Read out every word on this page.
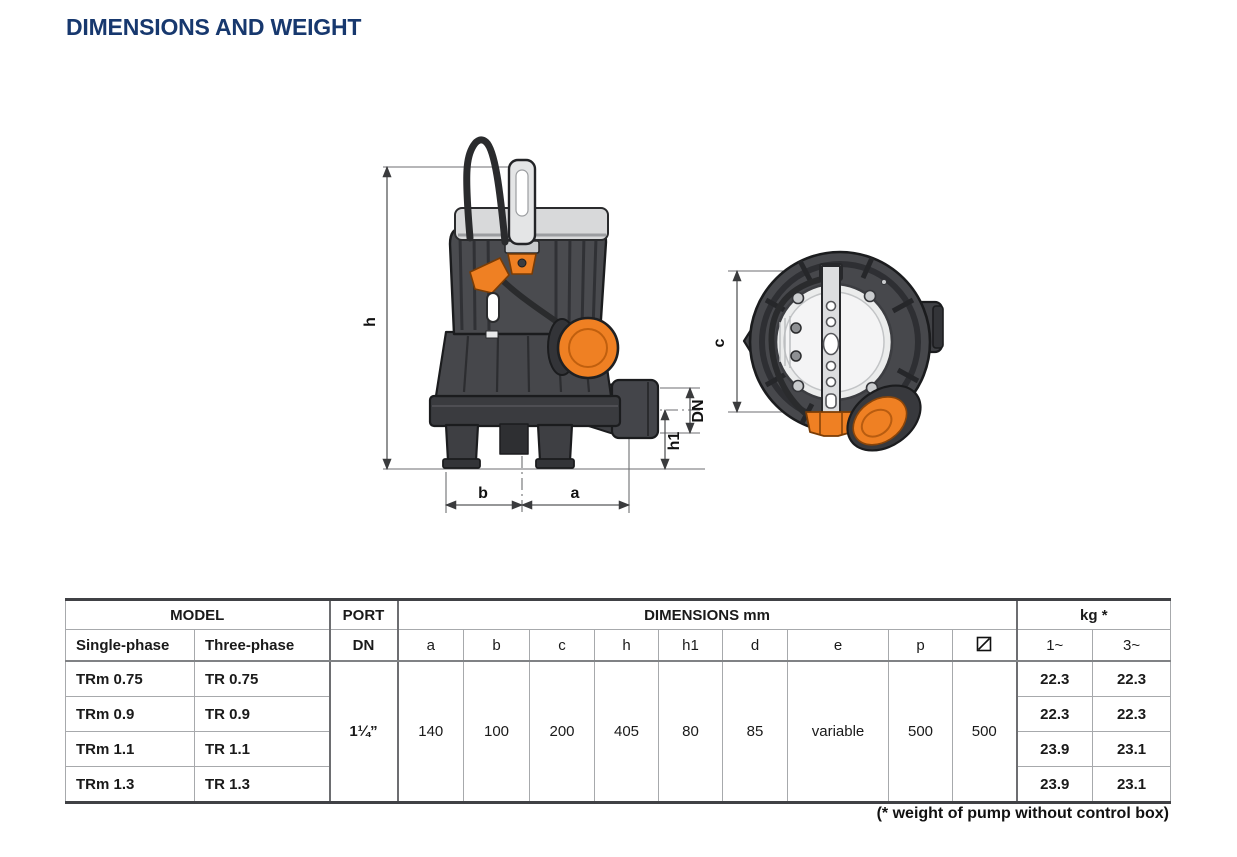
DIMENSIONS AND WEIGHT
h
b	a
DN
h1
c
MODEL		PORT	DIMENSIONS mm									kg *	
Single-phase	Three-phase	DN	a	b	c	h	h1	d	e	p		1~	3~
TRm 0.75	TR 0.75	1¼”	140	100	200	405	80	85	variable	500	500	22.3	22.3
TRm 0.9	TR 0.9											22.3	22.3
TRm 1.1	TR 1.1											23.9	23.1
TRm 1.3	TR 1.3											23.9	23.1
(* weight of pump without control box)
